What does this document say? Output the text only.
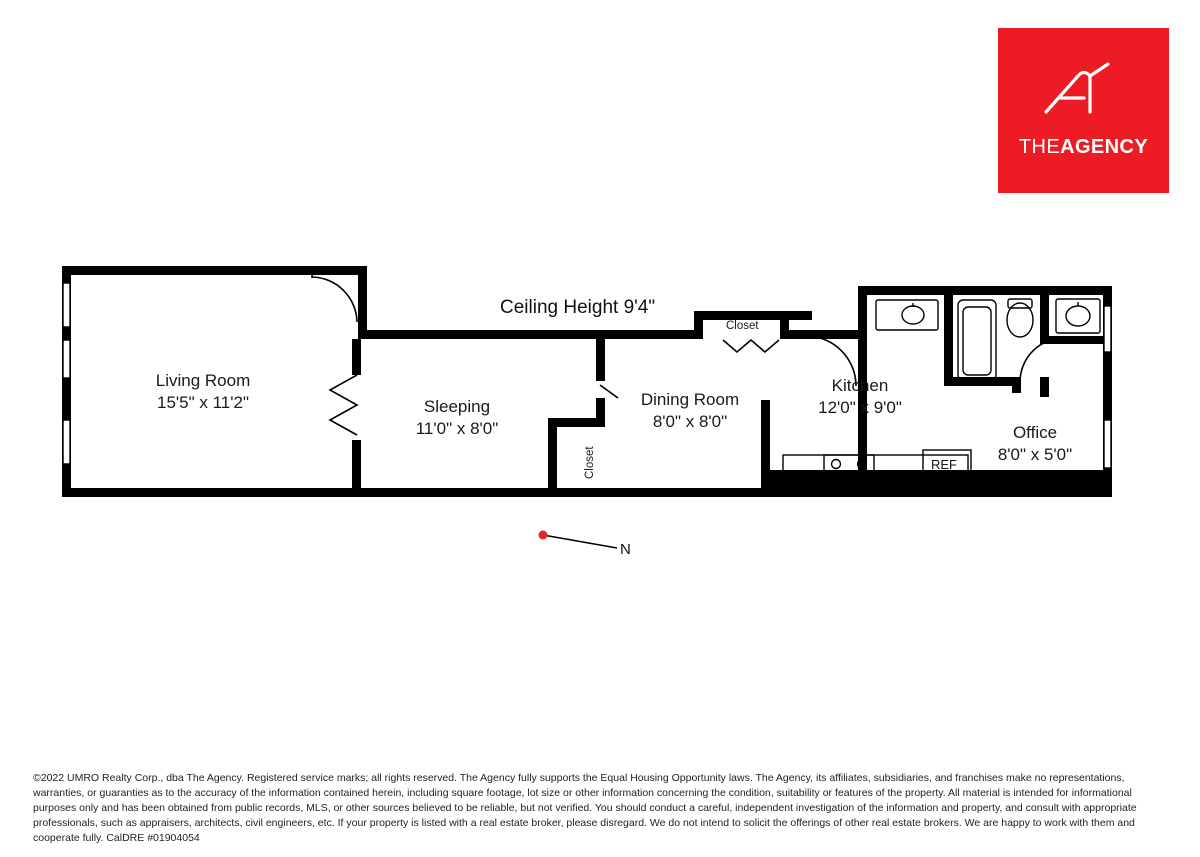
THEAGENCY
Living Room
15'5" x 11'2"	Sleeping
11'0" x 8'0"
Dining Room
8'0" x 8'0"
Kitchen
12'0" x 9'0"
Office
8'0" x 5'0"
Closet
Closet
Ceiling Height 9'4"
REF
N
©2022 UMRO Realty Corp., dba The Agency. Registered service marks; all rights reserved. The Agency fully supports the Equal Housing Opportunity laws. The Agency, its affiliates, subsidiaries, and franchises make no representations, warranties, or guaranties as to the accuracy of the information contained herein, including square footage, lot size or other information concerning the condition, suitability or features of the property. All material is intended for informational purposes only and has been obtained from public records, MLS, or other sources believed to be reliable, but not verified. You should conduct a careful, independent investigation of the information and property, and consult with appropriate professionals, such as appraisers, architects, civil engineers, etc. If your property is listed with a real estate broker, please disregard. We do not intend to solicit the offerings of other real estate brokers. We are happy to work with them and cooperate fully. CalDRE #01904054
